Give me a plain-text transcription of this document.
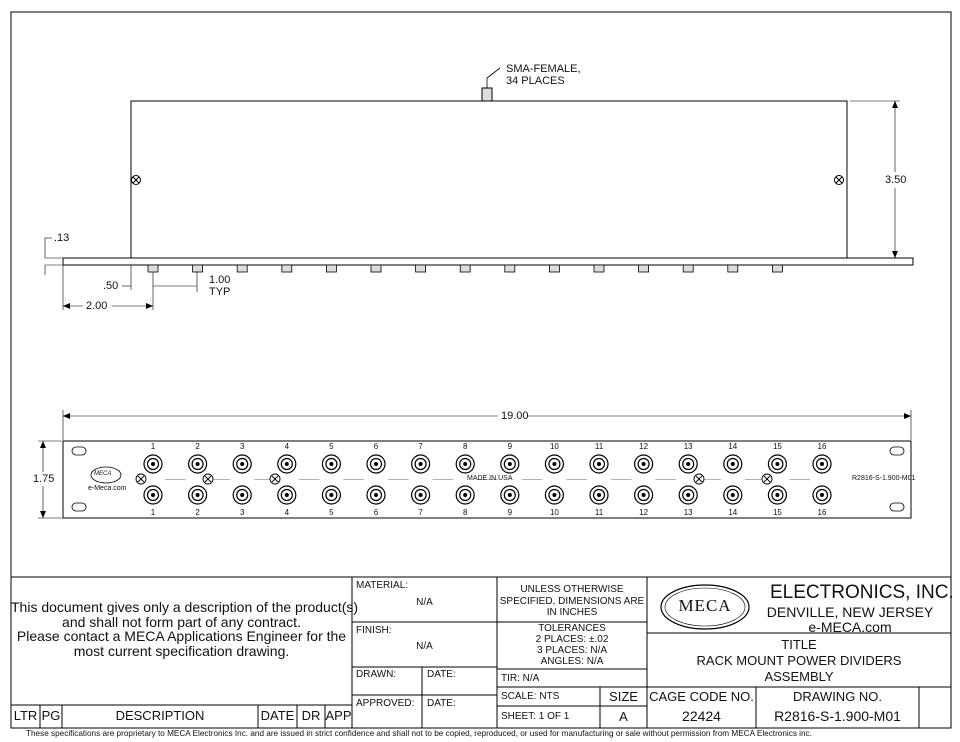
SMA-FEMALE,
34 PLACES
3.50
.13
.50	1.00
TYP
2.00
19.00
1.75	MADE IN USA	R2816-S-1.900-M01
MECA
e-Meca.com
1	2	3	4	5	6	7	8	9	10	11	12	13	14	15	16
1	2	3	4	5	6	7	8	9	10	11	12	13	14	15	16
This document gives only a description of the product(s)
and shall not form part of any contract.
Please contact a MECA Applications Engineer for the
most current specification drawing.
LTR PG	DESCRIPTION	DATE DR APP
MATERIAL:
N/A
FINISH:
N/A
DRAWN:	DATE:
APPROVED: DATE:
UNLESS OTHERWISE
SPECIFIED, DIMENSIONS ARE
IN INCHES
TOLERANCES
2 PLACES: ±.02
3 PLACES: N/A
ANGLES: N/A
TIR: N/A
SCALE: NTS
SHEET: 1 OF 1
SIZE
A
MECA
ELECTRONICS, INC.
DENVILLE, NEW JERSEY
e-MECA.com
TITLE
RACK MOUNT POWER DIVIDERS
ASSEMBLY
CAGE CODE NO.
22424
DRAWING NO.
R2816-S-1.900-M01
These specifications are proprietary to MECA Electronics Inc. and are issued in strict confidence and shall not to be copied, reproduced, or used for manufacturing or sale without permission from MECA Electronics inc.
